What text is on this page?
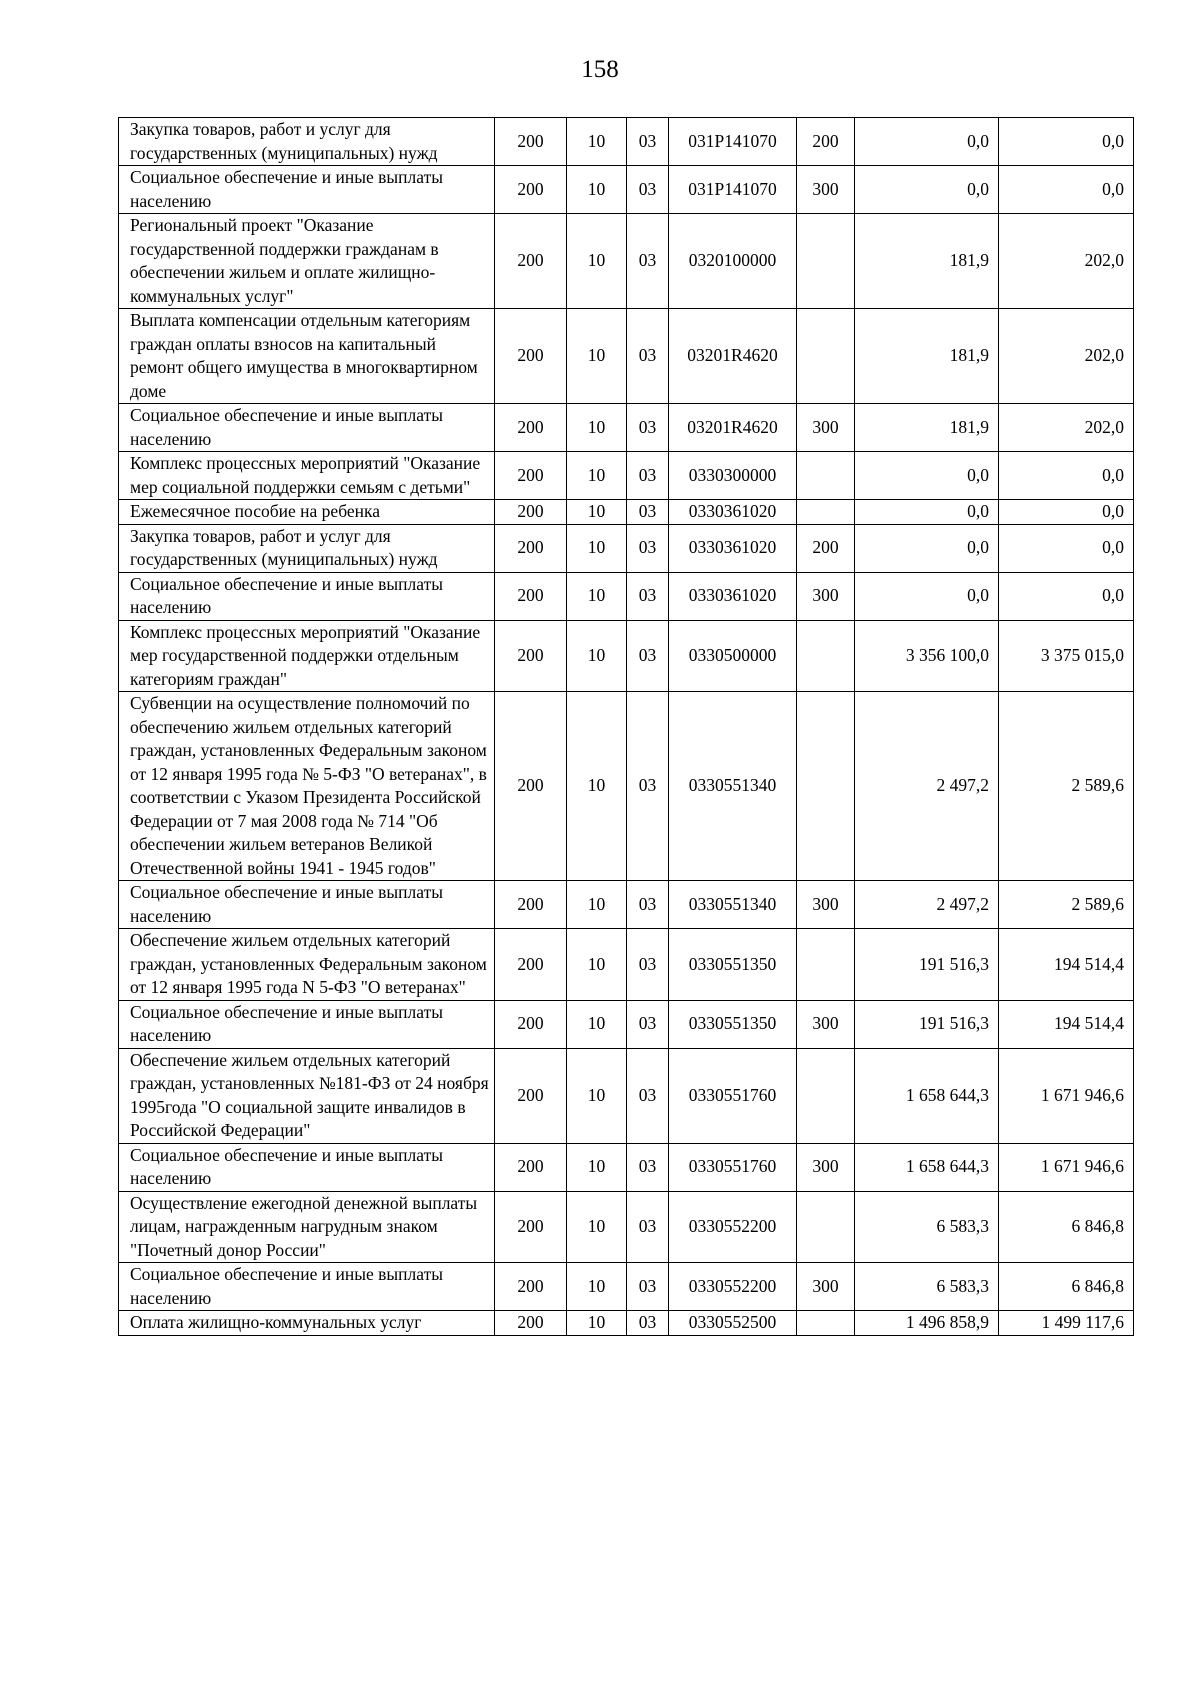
158
Закупка товаров, работ и услуг для государственных (муниципальных) нужд	200	10	03	031P141070	200	0,0	0,0
Социальное обеспечение и иные выплаты населению	200	10	03	031P141070	300	0,0	0,0
Региональный проект "Оказание государственной поддержки гражданам в обеспечении жильем и оплате жилищно-коммунальных услуг"	200	10	03	0320100000		181,9	202,0
Выплата компенсации отдельным категориям граждан оплаты взносов на капитальный ремонт общего имущества в многоквартирном доме	200	10	03	03201R4620		181,9	202,0
Социальное обеспечение и иные выплаты населению	200	10	03	03201R4620	300	181,9	202,0
Комплекс процессных мероприятий "Оказание мер социальной поддержки семьям с детьми"	200	10	03	0330300000		0,0	0,0
Ежемесячное пособие на ребенка	200	10	03	0330361020		0,0	0,0
Закупка товаров, работ и услуг для государственных (муниципальных) нужд	200	10	03	0330361020	200	0,0	0,0
Социальное обеспечение и иные выплаты населению	200	10	03	0330361020	300	0,0	0,0
Комплекс процессных мероприятий "Оказание мер государственной поддержки отдельным категориям граждан"	200	10	03	0330500000		3 356 100,0	3 375 015,0
Субвенции на осуществление полномочий по обеспечению жильем отдельных категорий граждан, установленных Федеральным законом от 12 января 1995 года № 5-ФЗ "О ветеранах", в соответствии с Указом Президента Российской Федерации от 7 мая 2008 года № 714 "Об обеспечении жильем ветеранов Великой Отечественной войны 1941 - 1945 годов"	200	10	03	0330551340		2 497,2	2 589,6
Социальное обеспечение и иные выплаты населению	200	10	03	0330551340	300	2 497,2	2 589,6
Обеспечение жильем отдельных категорий граждан, установленных Федеральным законом от 12 января 1995 года N 5-ФЗ "О ветеранах"	200	10	03	0330551350		191 516,3	194 514,4
Социальное обеспечение и иные выплаты населению	200	10	03	0330551350	300	191 516,3	194 514,4
Обеспечение жильем отдельных категорий граждан, установленных №181-ФЗ от 24 ноября 1995года "О социальной защите инвалидов в Российской Федерации"	200	10	03	0330551760		1 658 644,3	1 671 946,6
Социальное обеспечение и иные выплаты населению	200	10	03	0330551760	300	1 658 644,3	1 671 946,6
Осуществление ежегодной денежной выплаты лицам, награжденным нагрудным знаком "Почетный донор России"	200	10	03	0330552200		6 583,3	6 846,8
Социальное обеспечение и иные выплаты населению	200	10	03	0330552200	300	6 583,3	6 846,8
Оплата жилищно-коммунальных услуг	200	10	03	0330552500		1 496 858,9	1 499 117,6
